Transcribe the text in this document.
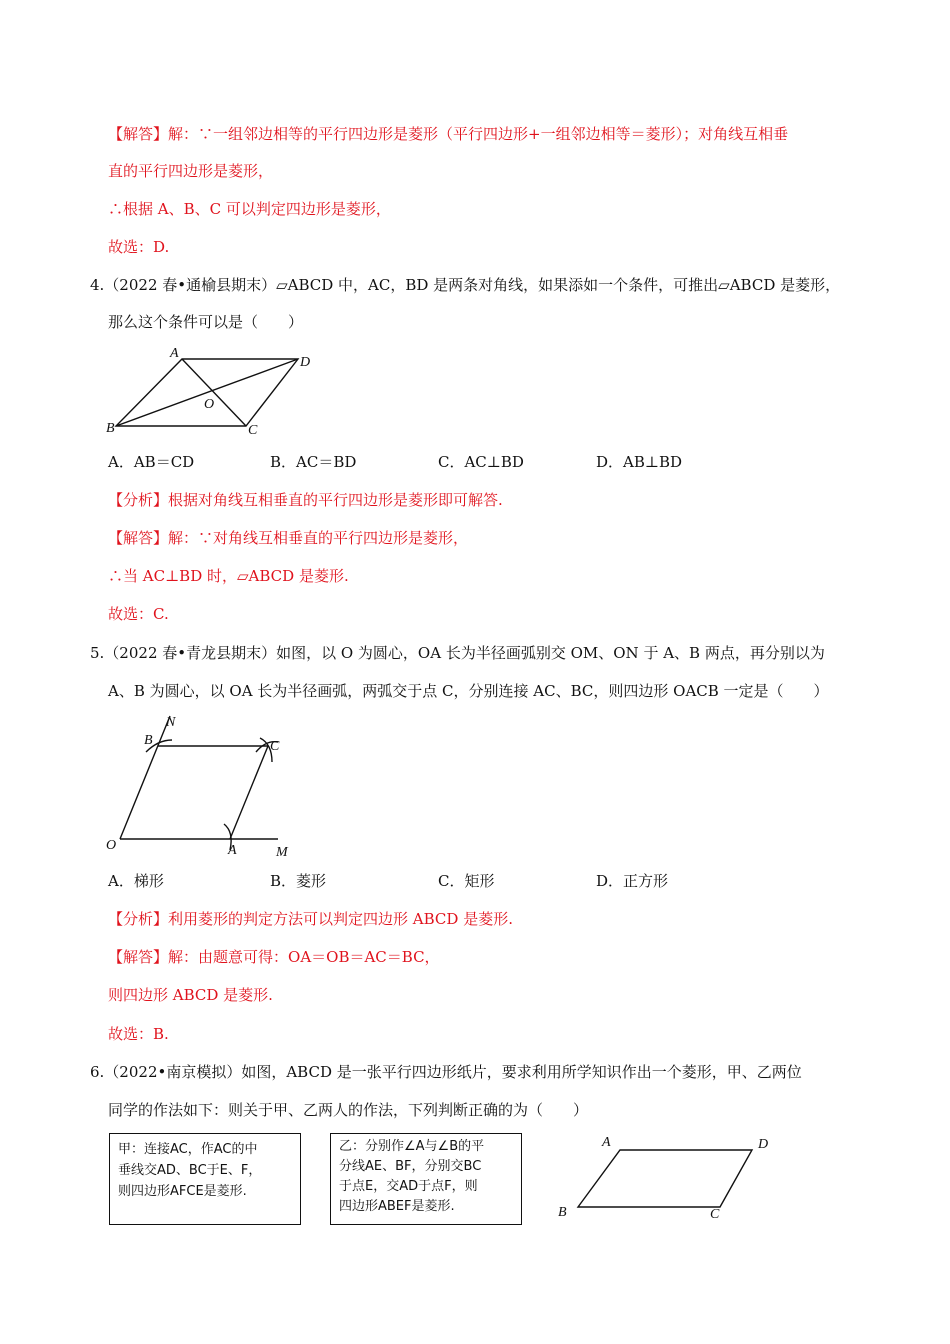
【解答】解：∵一组邻边相等的平行四边形是菱形（平行四边形+一组邻边相等＝菱形）；对角线互相垂
直的平行四边形是菱形，
∴根据 A、B、C 可以判定四边形是菱形，
故选：D.
4.（2022 春•通榆县期末）▱ABCD 中，AC，BD 是两条对角线，如果添如一个条件，可推出▱ABCD 是菱形，
那么这个条件可以是（　　）
A
D
B	C
O
A．AB＝CD	B．AC＝BD	C．AC⊥BD	D．AB⊥BD
【分析】根据对角线互相垂直的平行四边形是菱形即可解答.
【解答】解：∵对角线互相垂直的平行四边形是菱形，
∴当 AC⊥BD 时，▱ABCD 是菱形.
故选：C.
5.（2022 春•青龙县期末）如图，以 O 为圆心，OA 长为半径画弧别交 OM、ON 于 A、B 两点，再分别以为
A、B 为圆心，以 OA 长为半径画弧，两弧交于点 C，分别连接 AC、BC，则四边形 OACB 一定是（　　）
N
B	C
O	A	M
A．梯形	B．菱形	C．矩形	D．正方形
【分析】利用菱形的判定方法可以判定四边形 ABCD 是菱形.
【解答】解：由题意可得：OA＝OB＝AC＝BC，
则四边形 ABCD 是菱形.
故选：B.
6.（2022•南京模拟）如图，ABCD 是一张平行四边形纸片，要求利用所学知识作出一个菱形，甲、乙两位
同学的作法如下：则关于甲、乙两人的作法，下列判断正确的为（　　）
甲：连接AC，作AC的中
垂线交AD、BC于E、F，
则四边形AFCE是菱形.
乙：分别作∠A与∠B的平
分线AE、BF，分别交BC
于点E，交AD于点F，则
四边形ABEF是菱形.
A	D
B	C
